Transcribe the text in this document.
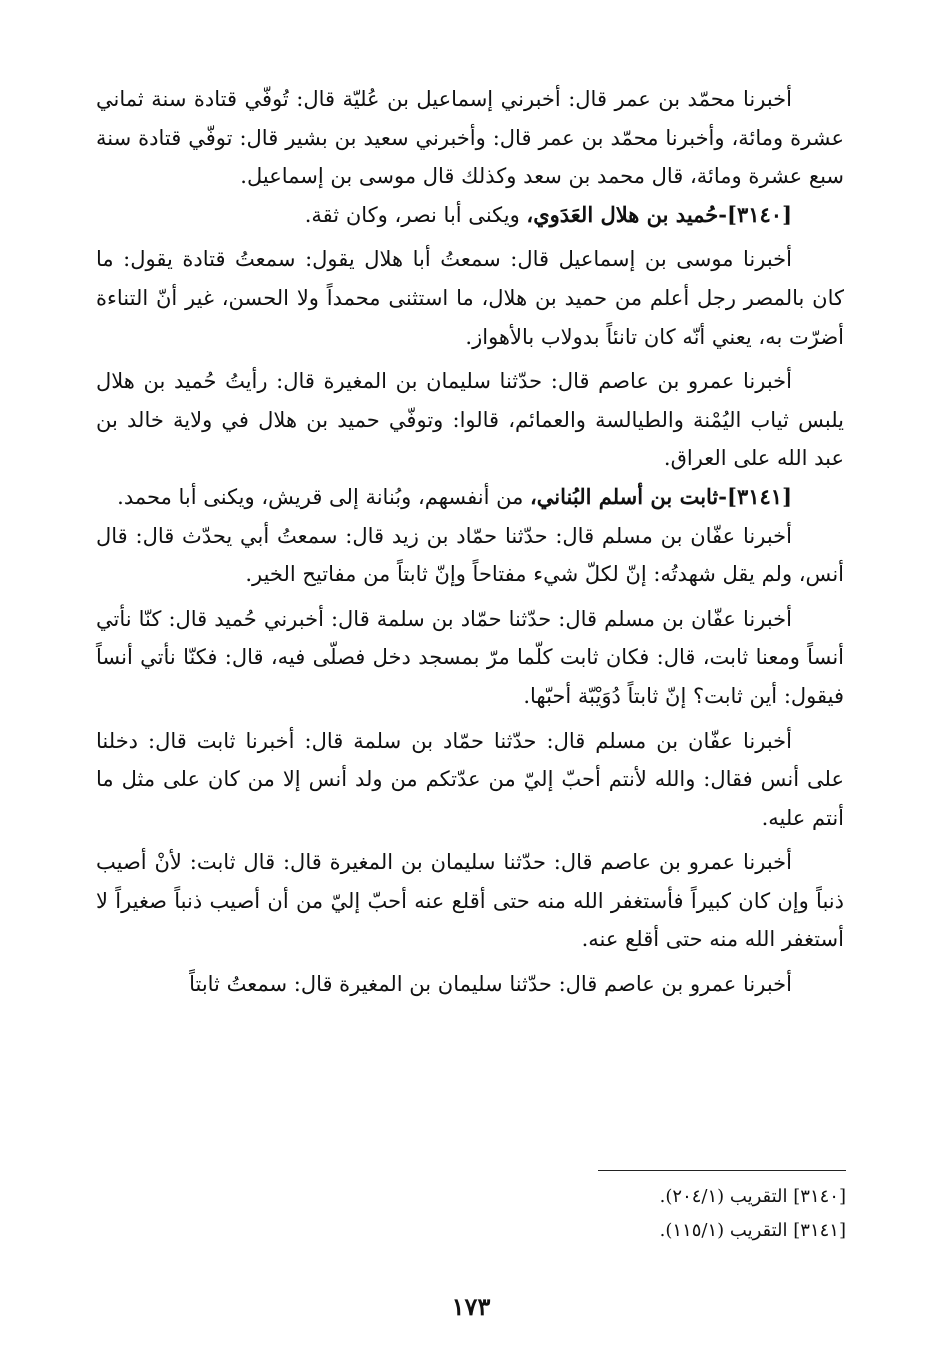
أخبرنا محمّد بن عمر قال: أخبرني إسماعيل بن عُليّة قال: تُوفّي قتادة سنة ثماني عشرة ومائة، وأخبرنا محمّد بن عمر قال: وأخبرني سعيد بن بشير قال: توفّي قتادة سنة سبع عشرة ومائة، قال محمد بن سعد وكذلك قال موسى بن إسماعيل.

[٣١٤٠]-حُميد بن هلال العَدَوي، ويكنى أبا نصر، وكان ثقة.

أخبرنا موسى بن إسماعيل قال: سمعتُ أبا هلال يقول: سمعتُ قتادة يقول: ما كان بالمصر رجل أعلم من حميد بن هلال، ما استثنى محمداً ولا الحسن، غير أنّ التناءة أضرّت به، يعني أنّه كان تانئاً بدولاب بالأهواز.

أخبرنا عمرو بن عاصم قال: حدّثنا سليمان بن المغيرة قال: رأيتُ حُميد بن هلال يلبس ثياب اليُمْنة والطيالسة والعمائم، قالوا: وتوفّي حميد بن هلال في ولاية خالد بن عبد الله على العراق.

[٣١٤١]-ثابت بن أسلم البُناني، من أنفسهم، وبُنانة إلى قريش، ويكنى أبا محمد.

أخبرنا عفّان بن مسلم قال: حدّثنا حمّاد بن زيد قال: سمعتُ أبي يحدّث قال: قال أنس، ولم يقل شهدتُه: إنّ لكلّ شيء مفتاحاً وإنّ ثابتاً من مفاتيح الخير.

أخبرنا عفّان بن مسلم قال: حدّثنا حمّاد بن سلمة قال: أخبرني حُميد قال: كنّا نأتي أنساً ومعنا ثابت، قال: فكان ثابت كلّما مرّ بمسجد دخل فصلّى فيه، قال: فكنّا نأتي أنساً فيقول: أين ثابت؟ إنّ ثابتاً دُوَيْبّة أحبّها.

أخبرنا عفّان بن مسلم قال: حدّثنا حمّاد بن سلمة قال: أخبرنا ثابت قال: دخلنا على أنس فقال: والله لأنتم أحبّ إليّ من عدّتكم من ولد أنس إلا من كان على مثل ما أنتم عليه.

أخبرنا عمرو بن عاصم قال: حدّثنا سليمان بن المغيرة قال: قال ثابت: لأنْ أصيب ذنباً وإن كان كبيراً فأستغفر الله منه حتى أقلع عنه أحبّ إليّ من أن أصيب ذنباً صغيراً لا أستغفر الله منه حتى أقلع عنه.

أخبرنا عمرو بن عاصم قال: حدّثنا سليمان بن المغيرة قال: سمعتُ ثابتاً

[٣١٤٠] التقريب (٢٠٤/١).

[٣١٤١] التقريب (١١٥/١).

١٧٣
